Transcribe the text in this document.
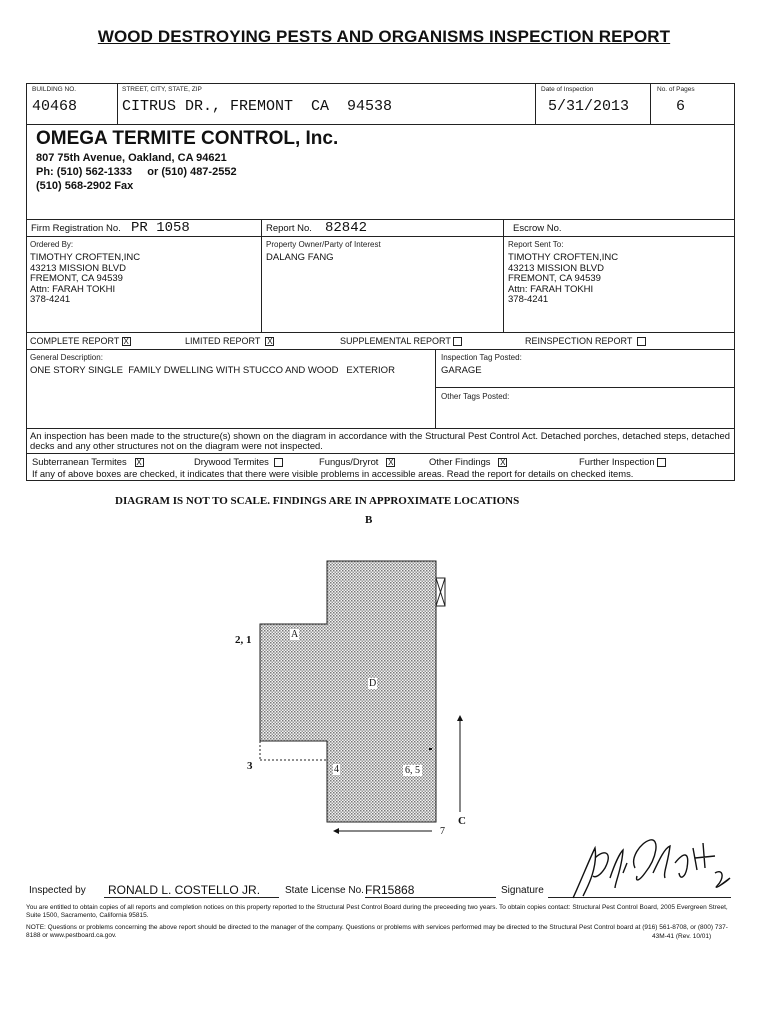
WOOD DESTROYING PESTS AND ORGANISMS INSPECTION REPORT
BUILDING NO.
40468
STREET, CITY, STATE, ZIP
CITRUS DR., FREMONT  CA  94538
Date of Inspection
5/31/2013
No. of Pages
6
OMEGA TERMITE CONTROL, Inc.
807 75th Avenue, Oakland, CA 94621
Ph: (510) 562-1333     or (510) 487-2552
(510) 568-2902 Fax
Firm Registration No. PR 1058	Report No. 82842	Escrow No.
Ordered By:
TIMOTHY CROFTEN,INC
43213 MISSION BLVD
FREMONT, CA 94539
Attn: FARAH TOKHI
378-4241
Property Owner/Party of Interest
DALANG FANG
Report Sent To:
TIMOTHY CROFTEN,INC
43213 MISSION BLVD
FREMONT, CA 94539
Attn: FARAH TOKHI
378-4241
COMPLETE REPORT X	LIMITED REPORT X	SUPPLEMENTAL REPORT	REINSPECTION REPORT
General Description:
ONE STORY SINGLE  FAMILY DWELLING WITH STUCCO AND WOOD   EXTERIOR
Inspection Tag Posted:
GARAGE
Other Tags Posted:
An inspection has been made to the structure(s) shown on the diagram in accordance with the Structural Pest Control Act. Detached porches, detached steps, detached decks and any other structures not on the diagram were not inspected.
Subterranean Termites X	Drywood Termites	Fungus/Dryrot X	Other Findings X	Further Inspection
If any of above boxes are checked, it indicates that there were visible problems in accessible areas. Read the report for details on checked items.
DIAGRAM IS NOT TO SCALE. FINDINGS ARE IN APPROXIMATE LOCATIONS
B
2, 1	A
D
3	4	6, 5
C
7
Inspected by	RONALD L. COSTELLO JR.	State License No. FR15868	Signature
You are entitled to obtain copies of all reports and completion notices on this property reported to the Structural Pest Control Board during the preceeding two years. To obtain copies contact: Structural Pest Control Board, 2005 Evergreen Street, Suite 1500, Sacramento, California 95815.
NOTE: Questions or problems concerning the above report should be directed to the manager of the company. Questions or problems with services performed may be directed to the Structural Pest Control board at (916) 561-8708, or (800) 737-8188 or www.pestboard.ca.gov.	43M-41 (Rev. 10/01)
